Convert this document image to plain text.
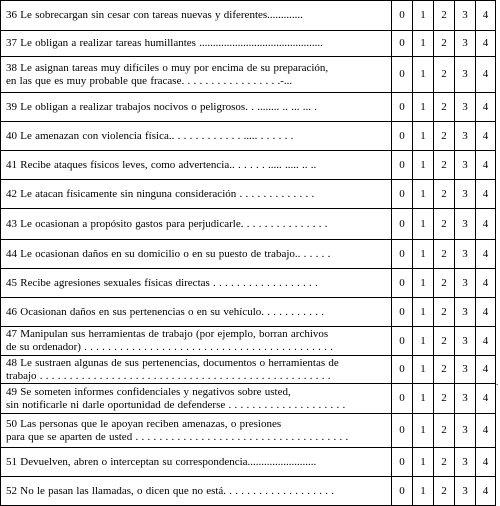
36 Le sobrecargan sin cesar con tareas nuevas y diferentes.............	0	1	2	3	4

37 Le obligan a realizar tareas humillantes .............................................	0	1	2	3	4

38 Le asignan tareas muy difíciles o muy por encima de su preparación,
en las que es muy probable que fracase. . . . . . . . . . . . . . . . .-...	0	1	2	3	4

39 Le obligan a realizar trabajos nocivos o peligrosos. . ........ .. ... ... .	0	1	2	3	4

40 Le amenazan con violencia física.. . . . . . . . . . . . ..... . . . . . .	0	1	2	3	4

41 Recibe ataques físicos leves, como advertencia.. . . . . . ..... ..... .. ..	0	1	2	3	4

42 Le atacan físicamente sin ninguna consideración . . . . . . . . . . . . .	0	1	2	3	4

43 Le ocasionan a propósito gastos para perjudicarle. . . . . . . . . . . . . . .	0	1	2	3	4

44 Le ocasionan daños en su domicilio o en su puesto de trabajo.. . . . . .	0	1	2	3	4

45 Recibe agresiones sexuales físicas directas . . . . . . . . . . . . . . . . . .	0	1	2	3	4

46 Ocasionan daños en sus pertenencias o en su vehículo. . . . . . . . . . .	0	1	2	3	4

47 Manipulan sus herramientas de trabajo (por ejemplo, borran archivos
de su ordenador) . . . . . . . . . . . . . . . . . . . . . . . . . . . . . . . . . . . . . . . . . .	0	1	2	3	4

48 Le sustraen algunas de sus pertenencias, documentos o herramientas de
trabajo . . . . . . . . . . . . . . . . . . . . . . . . . . . . . . . . . . . . . . . . . . . . . . . . .	0	1	2	3	4

49 Se someten informes confidenciales y negativos sobre usted,
sin notificarle ni darle oportunidad de defenderse . . . . . . . . . . . . . . . . . . . .	0	1	2	3	4

50 Las personas que le apoyan reciben amenazas, o presiones
para que se aparten de usted . . . . . . . . . . . . . . . . . . . . . . . . . . . . . . . . . . . .	0	1	2	3	4

51 Devuelven, abren o interceptan su correspondencia.........................	0	1	2	3	4

52 No le pasan las llamadas, o dicen que no está. . . . . . . . . . . . . . . . . . .	0	1	2	3	4
.
